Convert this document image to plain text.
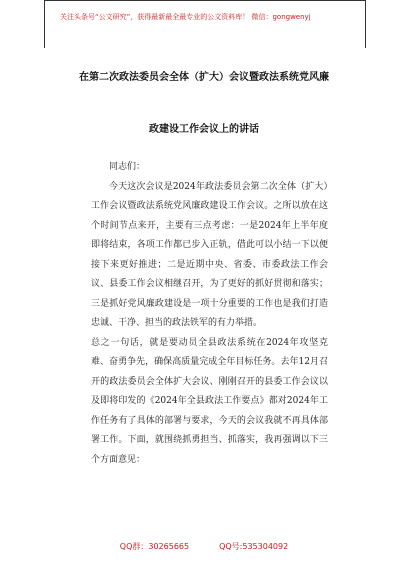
关注头条号“公文研究”，获得最新最全最专业的公文资料库！ 微信：gongwenyj
在第二次政法委员会全体（扩大）会议暨政法系统党风廉
政建设工作会议上的讲话

同志们：

今天这次会议是2024年政法委员会第二次全体（扩大）工作会议暨政法系统党风廉政建设工作会议。之所以放在这个时间节点来开，主要有三点考虑：一是2024年上半年度即将结束，各项工作都已步入正轨，借此可以小结一下以便接下来更好推进；二是近期中央、省委、市委政法工作会议、县委工作会议相继召开，为了更好的抓好贯彻和落实；三是抓好党风廉政建设是一项十分重要的工作也是我们打造忠诚、干净、担当的政法铁军的有力举措。

总之一句话，就是要动员全县政法系统在2024年攻坚克难、奋勇争先，确保高质量完成全年目标任务。去年12月召开的政法委员会全体扩大会议、刚刚召开的县委工作会议以及即将印发的《2024年全县政法工作要点》都对2024年工作任务有了具体的部署与要求，今天的会议我就不再具体部署工作。下面，就围绕抓勇担当、抓落实，我再强调以下三个方面意见：

QQ群：30265665	QQ号:535304092
